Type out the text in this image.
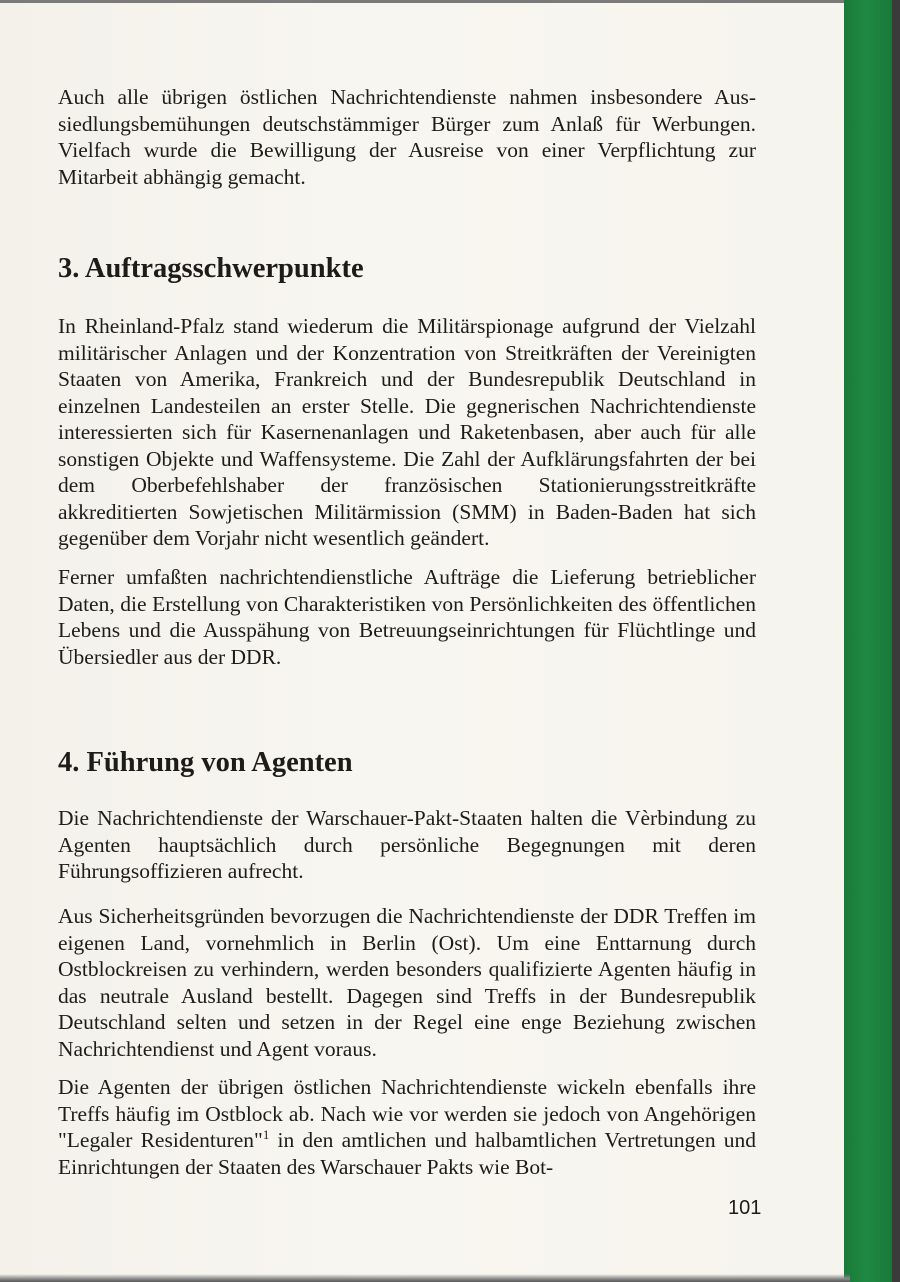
Auch alle übrigen östlichen Nachrichtendienste nahmen insbesondere Aussiedlungsbemühungen deutschstämmiger Bürger zum Anlaß für Werbungen. Vielfach wurde die Bewilligung der Ausreise von einer Verpflichtung zur Mitarbeit abhängig gemacht.

3. Auftragsschwerpunkte

In Rheinland-Pfalz stand wiederum die Militärspionage aufgrund der Vielzahl militärischer Anlagen und der Konzentration von Streitkräften der Vereinigten Staaten von Amerika, Frankreich und der Bundesrepublik Deutschland in einzelnen Landesteilen an erster Stelle. Die gegnerischen Nachrichtendienste interessierten sich für Kasernenanlagen und Raketenbasen, aber auch für alle sonstigen Objekte und Waffensysteme. Die Zahl der Aufklärungsfahrten der bei dem Oberbefehlshaber der französischen Stationierungsstreitkräfte akkreditierten Sowjetischen Militärmission (SMM) in Baden-Baden hat sich gegenüber dem Vorjahr nicht wesentlich geändert.

Ferner umfaßten nachrichtendienstliche Aufträge die Lieferung betrieblicher Daten, die Erstellung von Charakteristiken von Persönlichkeiten des öffentlichen Lebens und die Ausspähung von Betreuungseinrichtungen für Flüchtlinge und Übersiedler aus der DDR.

4. Führung von Agenten

Die Nachrichtendienste der Warschauer-Pakt-Staaten halten die Vèrbindung zu Agenten hauptsächlich durch persönliche Begegnungen mit deren Führungsoffizieren aufrecht.

Aus Sicherheitsgründen bevorzugen die Nachrichtendienste der DDR Treffen im eigenen Land, vornehmlich in Berlin (Ost). Um eine Enttarnung durch Ostblockreisen zu verhindern, werden besonders qualifizierte Agenten häufig in das neutrale Ausland bestellt. Dagegen sind Treffs in der Bundesrepublik Deutschland selten und setzen in der Regel eine enge Beziehung zwischen Nachrichtendienst und Agent voraus.

Die Agenten der übrigen östlichen Nachrichtendienste wickeln ebenfalls ihre Treffs häufig im Ostblock ab. Nach wie vor werden sie jedoch von Angehörigen "Legaler Residenturen"$^1$ in den amtlichen und halbamtlichen Vertretungen und Einrichtungen der Staaten des Warschauer Pakts wie Bot-

101
